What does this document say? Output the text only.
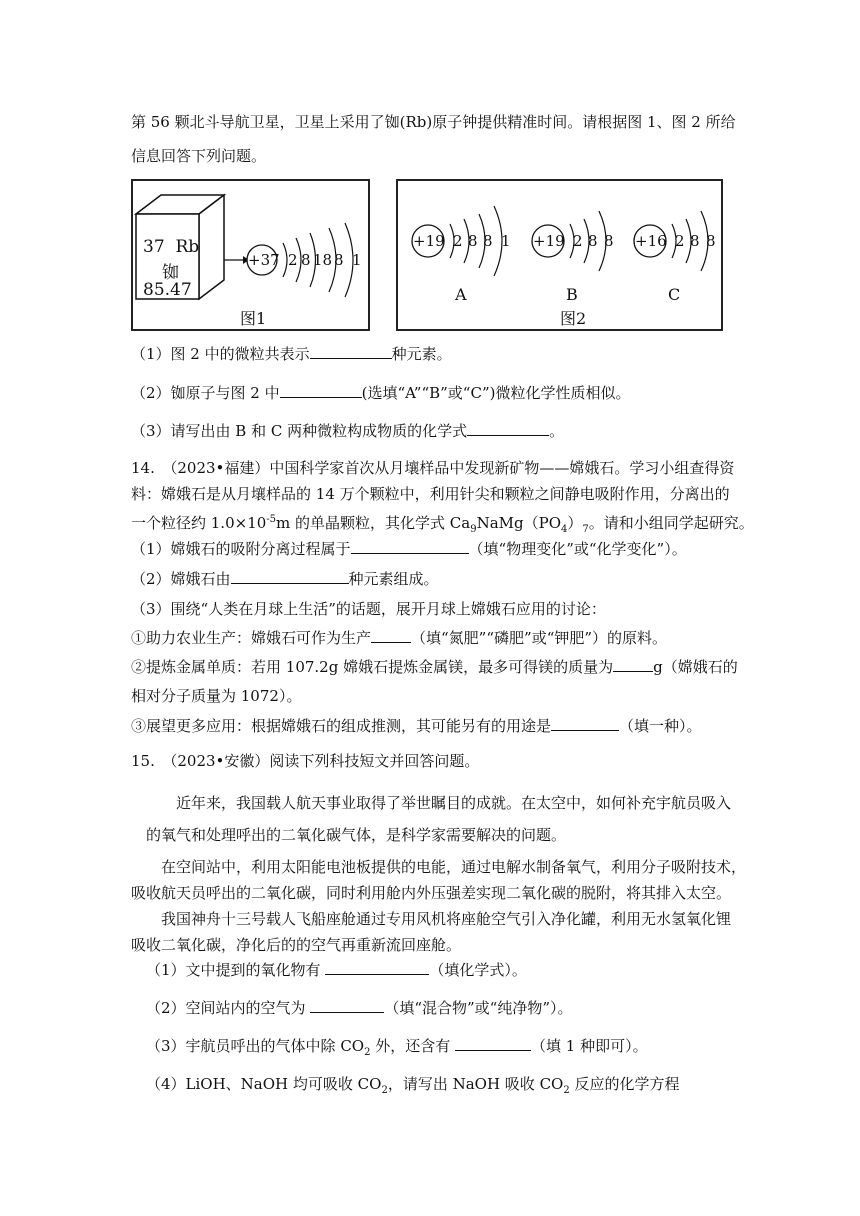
第 56 颗北斗导航卫星，卫星上采用了铷(Rb)原子钟提供精准时间。请根据图 1、图 2 所给
信息回答下列问题。
37 Rb
铷
85.47
+37 2 8 18 8 1
图1
+19 2 8 8 1
A
+19 2 8 8
B
+16 2 8 8
C
图2
（1）图 2 中的微粒共表示	种元素。
（2）铷原子与图 2 中	(选填“A”“B”或“C”)微粒化学性质相似。
（3）请写出由 B 和 C 两种微粒构成物质的化学式	。
14.　（2023•福建）中国科学家首次从月壤样品中发现新矿物——嫦娥石。学习小组查得资
料：嫦娥石是从月壤样品的 14 万个颗粒中，利用针尖和颗粒之间静电吸附作用，分离出的
一个粒径约 $1.0\times 10^{-5}m$ 的单晶颗粒，其化学式 $Ca_9NaMg(PO_4)_7$。请和小组同学起研究。
（1）嫦娥石的吸附分离过程属于	（填“物理变化”或“化学变化”）。
（2）嫦娥石由	种元素组成。
（3）围绕“人类在月球上生活”的话题，展开月球上嫦娥石应用的讨论：
①助力农业生产：嫦娥石可作为生产	（填“氮肥”“磷肥”或“钾肥”）的原料。
②提炼金属单质：若用 107.2g 嫦娥石提炼金属镁，最多可得镁的质量为	g（嫦娥石的
相对分子质量为 1072）。
③展望更多应用：根据嫦娥石的组成推测，其可能另有的用途是	（填一种）。
15.　（2023•安徽）阅读下列科技短文并回答问题。
近年来，我国载人航天事业取得了举世瞩目的成就。在太空中，如何补充宇航员吸入
的氧气和处理呼出的二氧化碳气体，是科学家需要解决的问题。
在空间站中，利用太阳能电池板提供的电能，通过电解水制备氧气，利用分子吸附技术，
吸收航天员呼出的二氧化碳，同时利用舱内外压强差实现二氧化碳的脱附，将其排入太空。
我国神舟十三号载人飞船座舱通过专用风机将座舱空气引入净化罐，利用无水氢氧化锂
吸收二氧化碳，净化后的的空气再重新流回座舱。
（1）文中提到的氧化物有	（填化学式）。
（2）空间站内的空气为	（填“混合物”或“纯净物”）。
（3）宇航员呼出的气体中除 $CO_2$ 外，还含有	（填 1 种即可）。
（4）LiOH、NaOH 均可吸收 $CO_2$，请写出 NaOH 吸收 $CO_2$ 反应的化学方程
